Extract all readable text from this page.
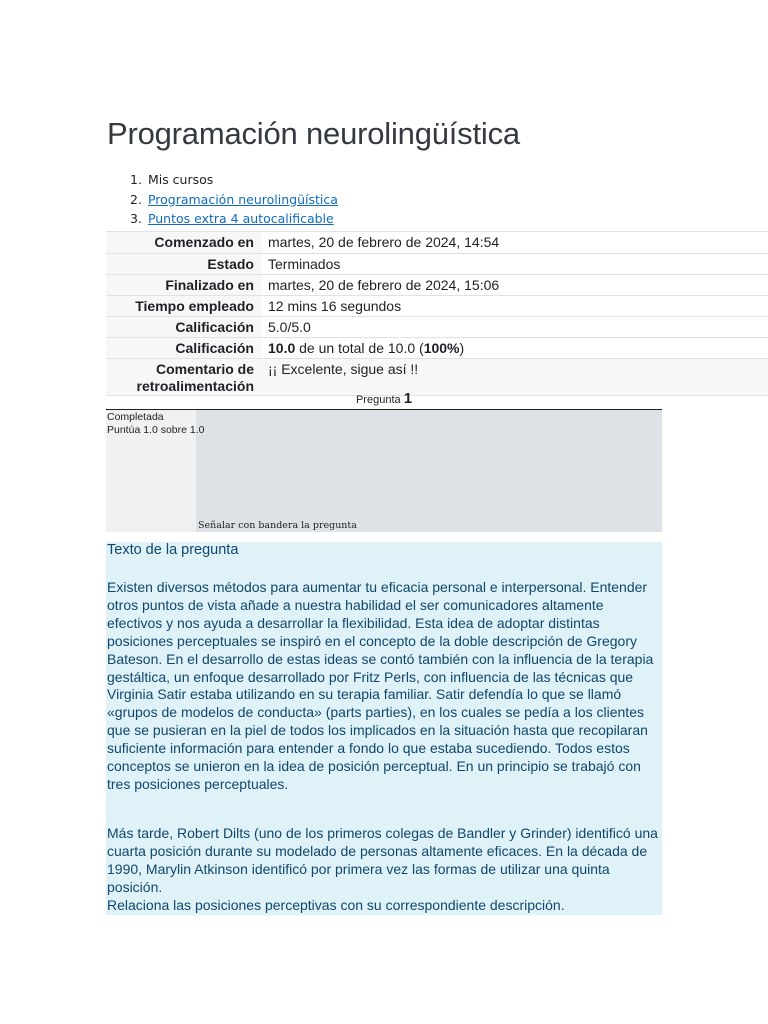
Programación neurolingüística
1. Mis cursos
2. Programación neurolingüística
3. Puntos extra 4 autocalificable
Comenzado en	martes, 20 de febrero de 2024, 14:54
Estado	Terminados
Finalizado en	martes, 20 de febrero de 2024, 15:06
Tiempo empleado	12 mins 16 segundos
Calificación	5.0/5.0
Calificación	10.0 de un total de 10.0 (100%)
Comentario de retroalimentación	¡¡ Excelente, sigue así !!
Pregunta 1
Completada
Puntúa 1.0 sobre 1.0
Señalar con bandera la pregunta
Texto de la pregunta

Existen diversos métodos para aumentar tu eficacia personal e interpersonal. Entender otros puntos de vista añade a nuestra habilidad el ser comunicadores altamente efectivos y nos ayuda a desarrollar la flexibilidad. Esta idea de adoptar distintas posiciones perceptuales se inspiró en el concepto de la doble descripción de Gregory Bateson. En el desarrollo de estas ideas se contó también con la influencia de la terapia gestáltica, un enfoque desarrollado por Fritz Perls, con influencia de las técnicas que Virginia Satir estaba utilizando en su terapia familiar. Satir defendía lo que se llamó «grupos de modelos de conducta» (parts parties), en los cuales se pedía a los clientes que se pusieran en la piel de todos los implicados en la situación hasta que recopilaran suficiente información para entender a fondo lo que estaba sucediendo. Todos estos conceptos se unieron en la idea de posición perceptual. En un principio se trabajó con tres posiciones perceptuales.

Más tarde, Robert Dilts (uno de los primeros colegas de Bandler y Grinder) identificó una cuarta posición durante su modelado de personas altamente eficaces. En la década de 1990, Marylin Atkinson identificó por primera vez las formas de utilizar una quinta posición.

Relaciona las posiciones perceptivas con su correspondiente descripción.
